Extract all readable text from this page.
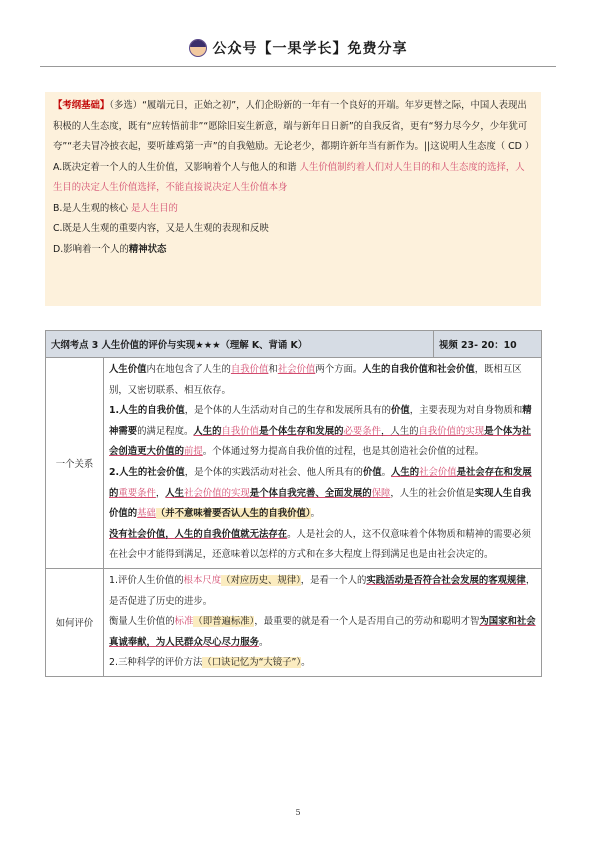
公众号【一果学长】免费分享

【考纲基础】（多选）“履端元日，正始之初”，人们企盼新的一年有一个良好的开端。年岁更替之际，中国人表现出积极的人生态度，既有“应转悟前非”“愿除旧妄生新意，端与新年日日新”的自我反省，更有“努力尽今夕，少年犹可夸”“老夫冒冷披衣起，要听雄鸡第一声”的自我勉励。无论老少，都期许新年当有新作为。||这说明人生态度（ CD ）

A.既决定着一个人的人生价值，又影响着个人与他人的和谐 人生价值制约着人们对人生目的和人生态度的选择，人生目的决定人生价值选择，不能直接说决定人生价值本身

B.是人生观的核心 是人生目的

C.既是人生观的重要内容，又是人生观的表现和反映

D.影响着一个人的精神状态

大纲考点 3 人生价值的评价与实现★★★（理解 K、背诵 K）		视频 23- 20：10
一个关系	人生价值内在地包含了人生的自我价值和社会价值两个方面。人生的自我价值和社会价值，既相互区别，又密切联系、相互依存。

1.人生的自我价值，是个体的人生活动对自己的生存和发展所具有的价值，主要表现为对自身物质和精神需要的满足程度。人生的自我价值是个体生存和发展的必要条件，人生的自我价值的实现是个体为社会创造更大价值的前提。个体通过努力提高自我价值的过程，也是其创造社会价值的过程。

2.人生的社会价值，是个体的实践活动对社会、他人所具有的价值。人生的社会价值是社会存在和发展的重要条件，人生社会价值的实现是个体自我完善、全面发展的保障，人生的社会价值是实现人生自我价值的基础（并不意味着要否认人生的自我价值）。

没有社会价值，人生的自我价值就无法存在。人是社会的人，这不仅意味着个体物质和精神的需要必须在社会中才能得到满足，还意味着以怎样的方式和在多大程度上得到满足也是由社会决定的。	

如何评价	1.评价人生价值的根本尺度（对应历史、规律），是看一个人的实践活动是否符合社会发展的客观规律，是否促进了历史的进步。

衡量人生价值的标准（即普遍标准），最重要的就是看一个人是否用自己的劳动和聪明才智为国家和社会真诚奉献，为人民群众尽心尽力服务。

2.三种科学的评价方法（口诀记忆为“大镜子”）。	

5
